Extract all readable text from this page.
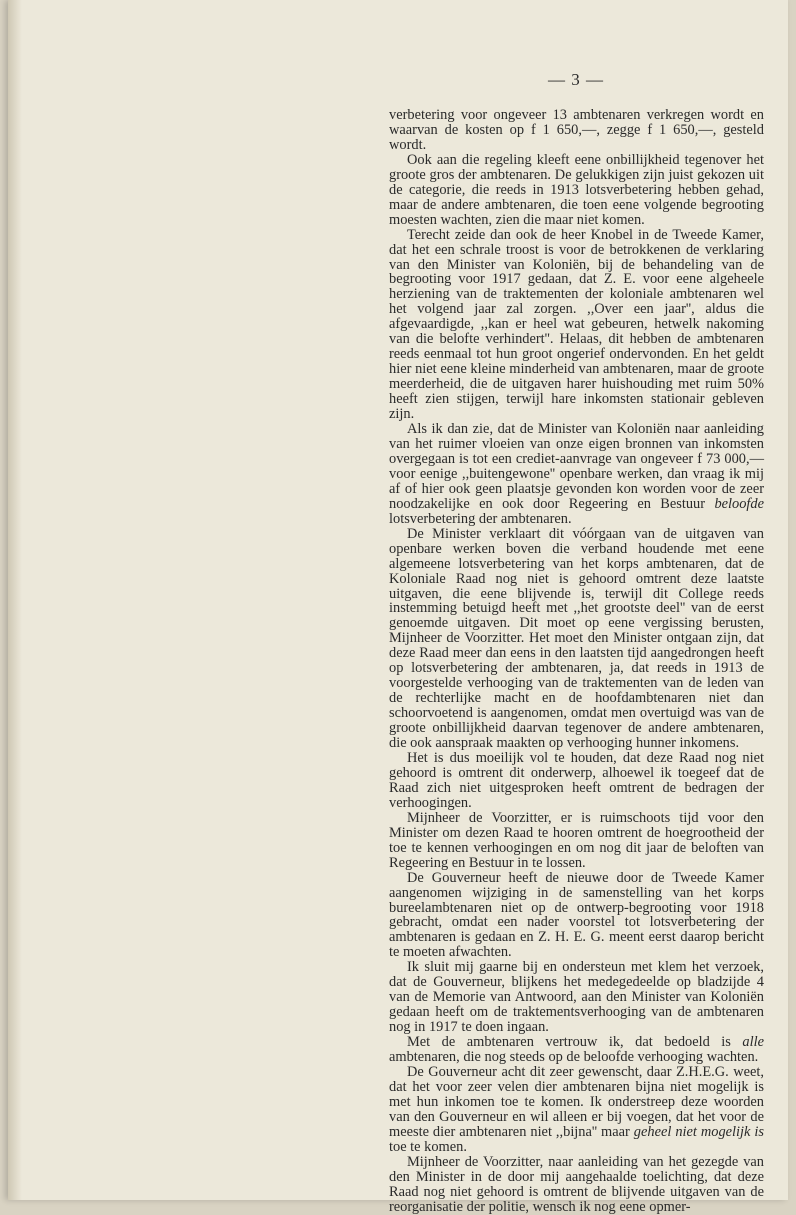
— 3 —

verbetering voor ongeveer 13 ambtenaren verkregen wordt en waarvan de kosten op f 1 650,—, zegge f 1 650,—, gesteld wordt.

Ook aan die regeling kleeft eene onbillijkheid tegenover het groote gros der ambtenaren. De gelukkigen zijn juist gekozen uit de categorie, die reeds in 1913 lotsverbetering hebben gehad, maar de andere ambtenaren, die toen eene volgende begrooting moesten wachten, zien die maar niet komen.

Terecht zeide dan ook de heer Knobel in de Tweede Kamer, dat het een schrale troost is voor de betrokkenen de verklaring van den Minister van Koloniën, bij de behandeling van de begrooting voor 1917 gedaan, dat Z. E. voor eene algeheele herziening van de traktementen der koloniale ambtenaren wel het volgend jaar zal zorgen. ,,Over een jaar'', aldus die afgevaardigde, ,,kan er heel wat gebeuren, hetwelk nakoming van die belofte verhindert''. Helaas, dit hebben de ambtenaren reeds eenmaal tot hun groot ongerief ondervonden. En het geldt hier niet eene kleine minderheid van ambtenaren, maar de groote meerderheid, die de uitgaven harer huishouding met ruim 50% heeft zien stijgen, terwijl hare inkomsten stationair gebleven zijn.

Als ik dan zie, dat de Minister van Koloniën naar aanleiding van het ruimer vloeien van onze eigen bronnen van inkomsten overgegaan is tot een crediet-aanvrage van ongeveer f 73 000,— voor eenige ,,buitengewone'' openbare werken, dan vraag ik mij af of hier ook geen plaatsje gevonden kon worden voor de zeer noodzakelijke en ook door Regeering en Bestuur beloofde lotsverbetering der ambtenaren.

De Minister verklaart dit vóórgaan van de uitgaven van openbare werken boven die verband houdende met eene algemeene lotsverbetering van het korps ambtenaren, dat de Koloniale Raad nog niet is gehoord omtrent deze laatste uitgaven, die eene blijvende is, terwijl dit College reeds instemming betuigd heeft met ,,het grootste deel'' van de eerst genoemde uitgaven. Dit moet op eene vergissing berusten, Mijnheer de Voorzitter. Het moet den Minister ontgaan zijn, dat deze Raad meer dan eens in den laatsten tijd aangedrongen heeft op lotsverbetering der ambtenaren, ja, dat reeds in 1913 de voorgestelde verhooging van de traktementen van de leden van de rechterlijke macht en de hoofdambtenaren niet dan schoorvoetend is aangenomen, omdat men overtuigd was van de groote onbillijkheid daarvan tegenover de andere ambtenaren, die ook aanspraak maakten op verhooging hunner inkomens.

Het is dus moeilijk vol te houden, dat deze Raad nog niet gehoord is omtrent dit onderwerp, alhoewel ik toegeef dat de Raad zich niet uitgesproken heeft omtrent de bedragen der verhoogingen.

Mijnheer de Voorzitter, er is ruimschoots tijd voor den Minister om dezen Raad te hooren omtrent de hoegrootheid der toe te kennen verhoogingen en om nog dit jaar de beloften van Regeering en Bestuur in te lossen.

De Gouverneur heeft de nieuwe door de Tweede Kamer aangenomen wijziging in de samenstelling van het korps bureelambtenaren niet op de ontwerp-begrooting voor 1918 gebracht, omdat een nader voorstel tot lotsverbetering der ambtenaren is gedaan en Z. H. E. G. meent eerst daarop bericht te moeten afwachten.

Ik sluit mij gaarne bij en ondersteun met klem het verzoek, dat de Gouverneur, blijkens het medegedeelde op bladzijde 4 van de Memorie van Antwoord, aan den Minister van Koloniën gedaan heeft om de traktementsverhooging van de ambtenaren nog in 1917 te doen ingaan.

Met de ambtenaren vertrouw ik, dat bedoeld is alle ambtenaren, die nog steeds op de beloofde verhooging wachten.

De Gouverneur acht dit zeer gewenscht, daar Z.H.E.G. weet, dat het voor zeer velen dier ambtenaren bijna niet mogelijk is met hun inkomen toe te komen. Ik onderstreep deze woorden van den Gouverneur en wil alleen er bij voegen, dat het voor de meeste dier ambtenaren niet ,,bijna'' maar geheel niet mogelijk is toe te komen.

Mijnheer de Voorzitter, naar aanleiding van het gezegde van den Minister in de door mij aangehaalde toelichting, dat deze Raad nog niet gehoord is omtrent de blijvende uitgaven van de reorganisatie der politie, wensch ik nog eene opmer-
